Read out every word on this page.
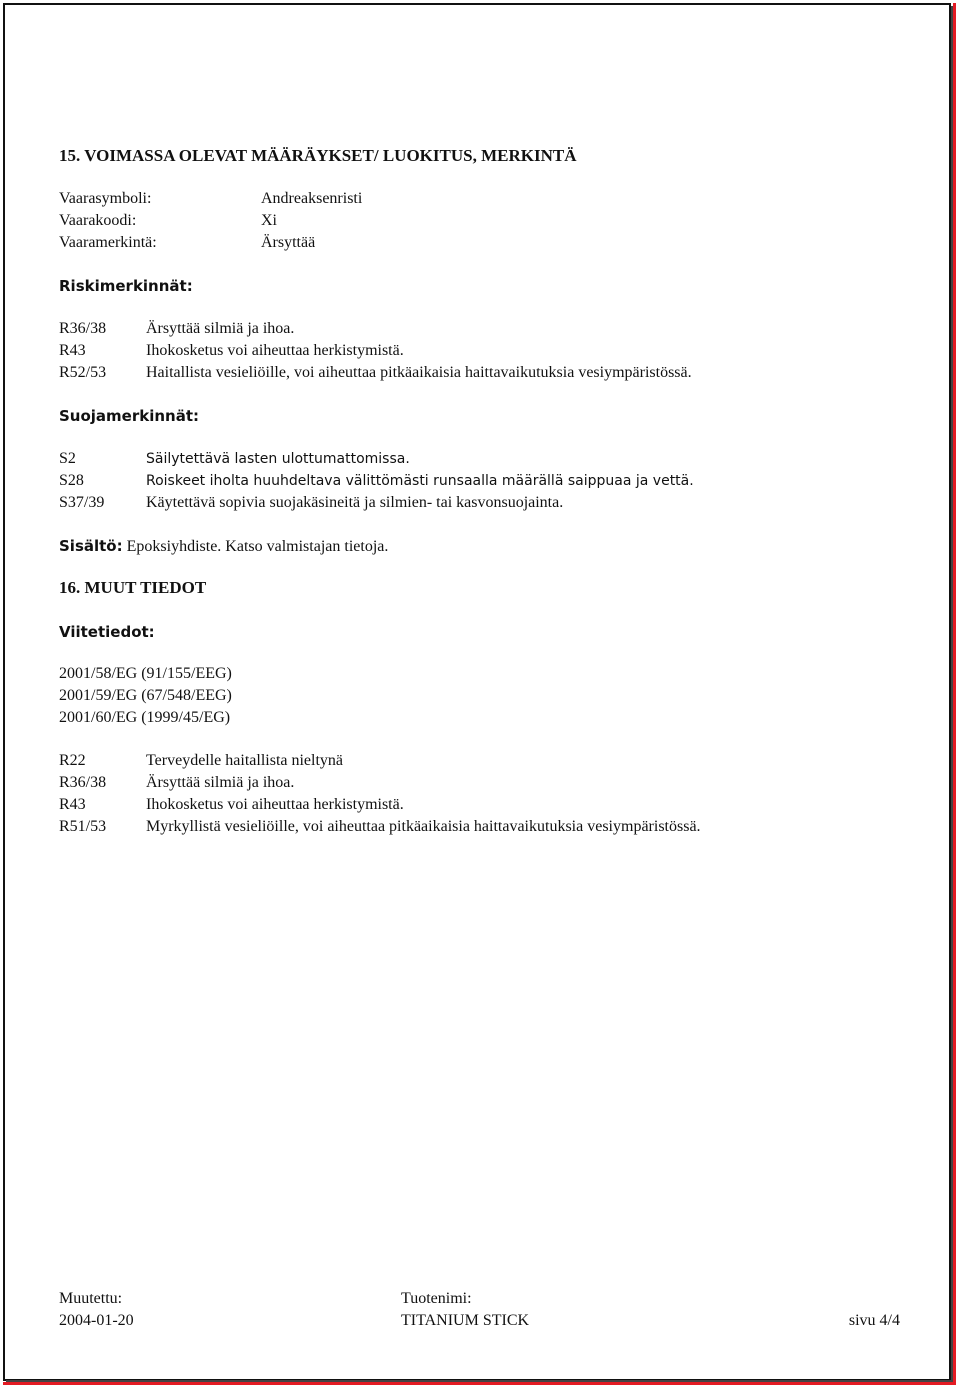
15. VOIMASSA OLEVAT MÄÄRÄYKSET/ LUOKITUS, MERKINTÄ
Vaarasymboli:	Andreaksenristi
Vaarakoodi:	Xi
Vaaramerkintä:	Ärsyttää
Riskimerkinnät:
R36/38 Ärsyttää silmiä ja ihoa.
R43	Ihokosketus voi aiheuttaa herkistymistä.
R52/53 Haitallista vesieliöille, voi aiheuttaa pitkäaikaisia haittavaikutuksia vesiympäristössä.
Suojamerkinnät:
S2	Säilytettävä lasten ulottumattomissa.
S28	Roiskeet iholta huuhdeltava välittömästi runsaalla määrällä saippuaa ja vettä.
S37/39	Käytettävä sopivia suojakäsineitä ja silmien- tai kasvonsuojainta.
Sisältö: Epoksiyhdiste. Katso valmistajan tietoja.
16. MUUT TIEDOT
Viitetiedot:
2001/58/EG (91/155/EEG)
2001/59/EG (67/548/EEG)
2001/60/EG (1999/45/EG)
R22	Terveydelle haitallista nieltynä
R36/38 Ärsyttää silmiä ja ihoa.
R43	Ihokosketus voi aiheuttaa herkistymistä.
R51/53 Myrkyllistä vesieliöille, voi aiheuttaa pitkäaikaisia haittavaikutuksia vesiympäristössä.
Muutettu:
2004-01-20
Tuotenimi:
TITANIUM STICK	sivu 4/4
